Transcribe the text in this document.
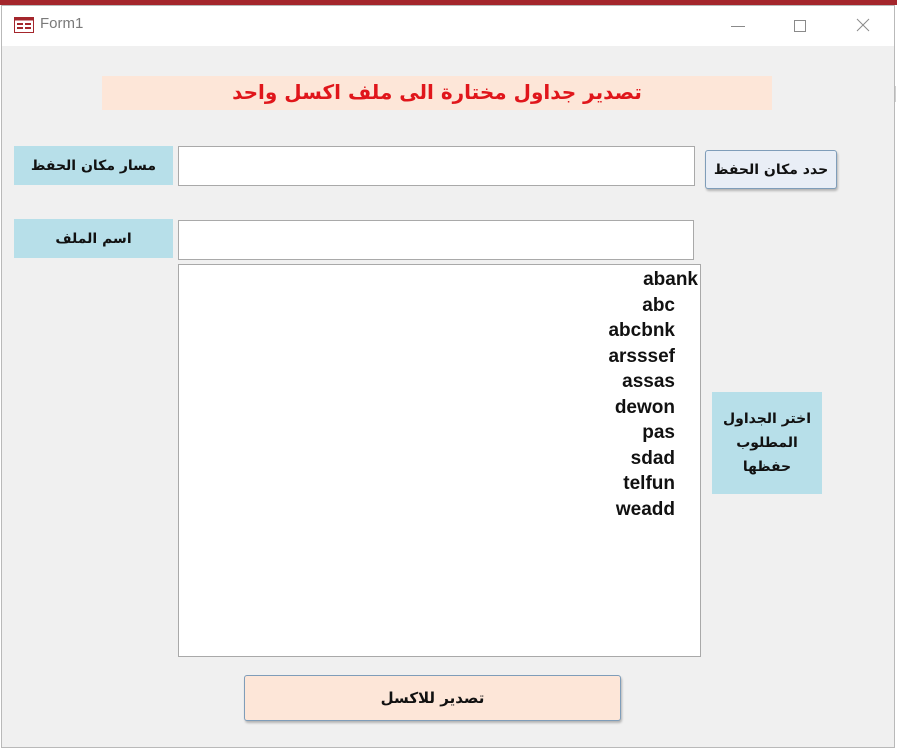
Form1
تصدير جداول مختارة الى ملف اكسل واحد
مسار مكان الحفظ	حدد مكان الحفظ
اسم الملف
abank
abc
abcbnk
arsssef
assas
dewon
pas
sdad
telfun
weadd
اختر الجداول
المطلوب
حفظها
تصدير للاكسل
